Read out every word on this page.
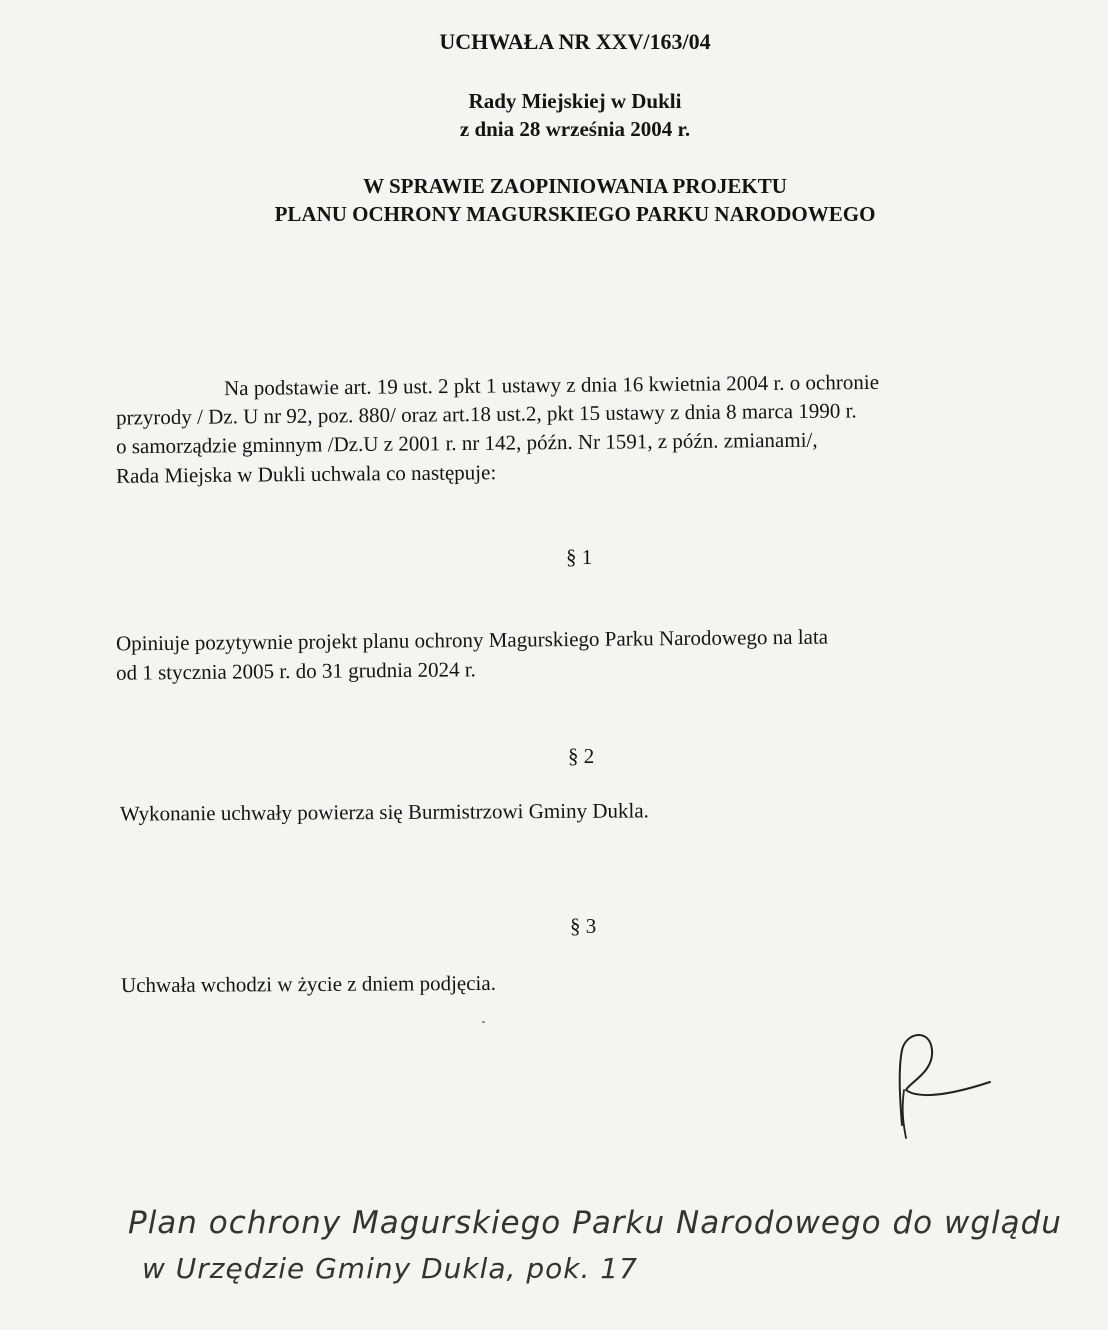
UCHWAŁA NR XXV/163/04
Rady Miejskiej w Dukli
z dnia 28 września 2004 r.
W SPRAWIE ZAOPINIOWANIA PROJEKTU
PLANU OCHRONY MAGURSKIEGO PARKU NARODOWEGO
Na podstawie art. 19 ust. 2 pkt 1 ustawy z dnia 16 kwietnia 2004 r. o ochronie
przyrody / Dz. U nr 92, poz. 880/ oraz art.18 ust.2, pkt 15 ustawy z dnia 8 marca 1990 r.
o samorządzie gminnym /Dz.U z 2001 r. nr 142, późn. Nr 1591, z późn. zmianami/,
Rada Miejska w Dukli uchwala co następuje:
§ 1
Opiniuje pozytywnie projekt planu ochrony Magurskiego Parku Narodowego na lata
od 1 stycznia 2005 r. do 31 grudnia 2024 r.
§ 2
Wykonanie uchwały powierza się Burmistrzowi Gminy Dukla.
§ 3
Uchwała wchodzi w życie z dniem podjęcia.
Plan ochrony Magurskiego Parku Narodowego do wglądu
w Urzędzie Gminy Dukla, pok. 17
